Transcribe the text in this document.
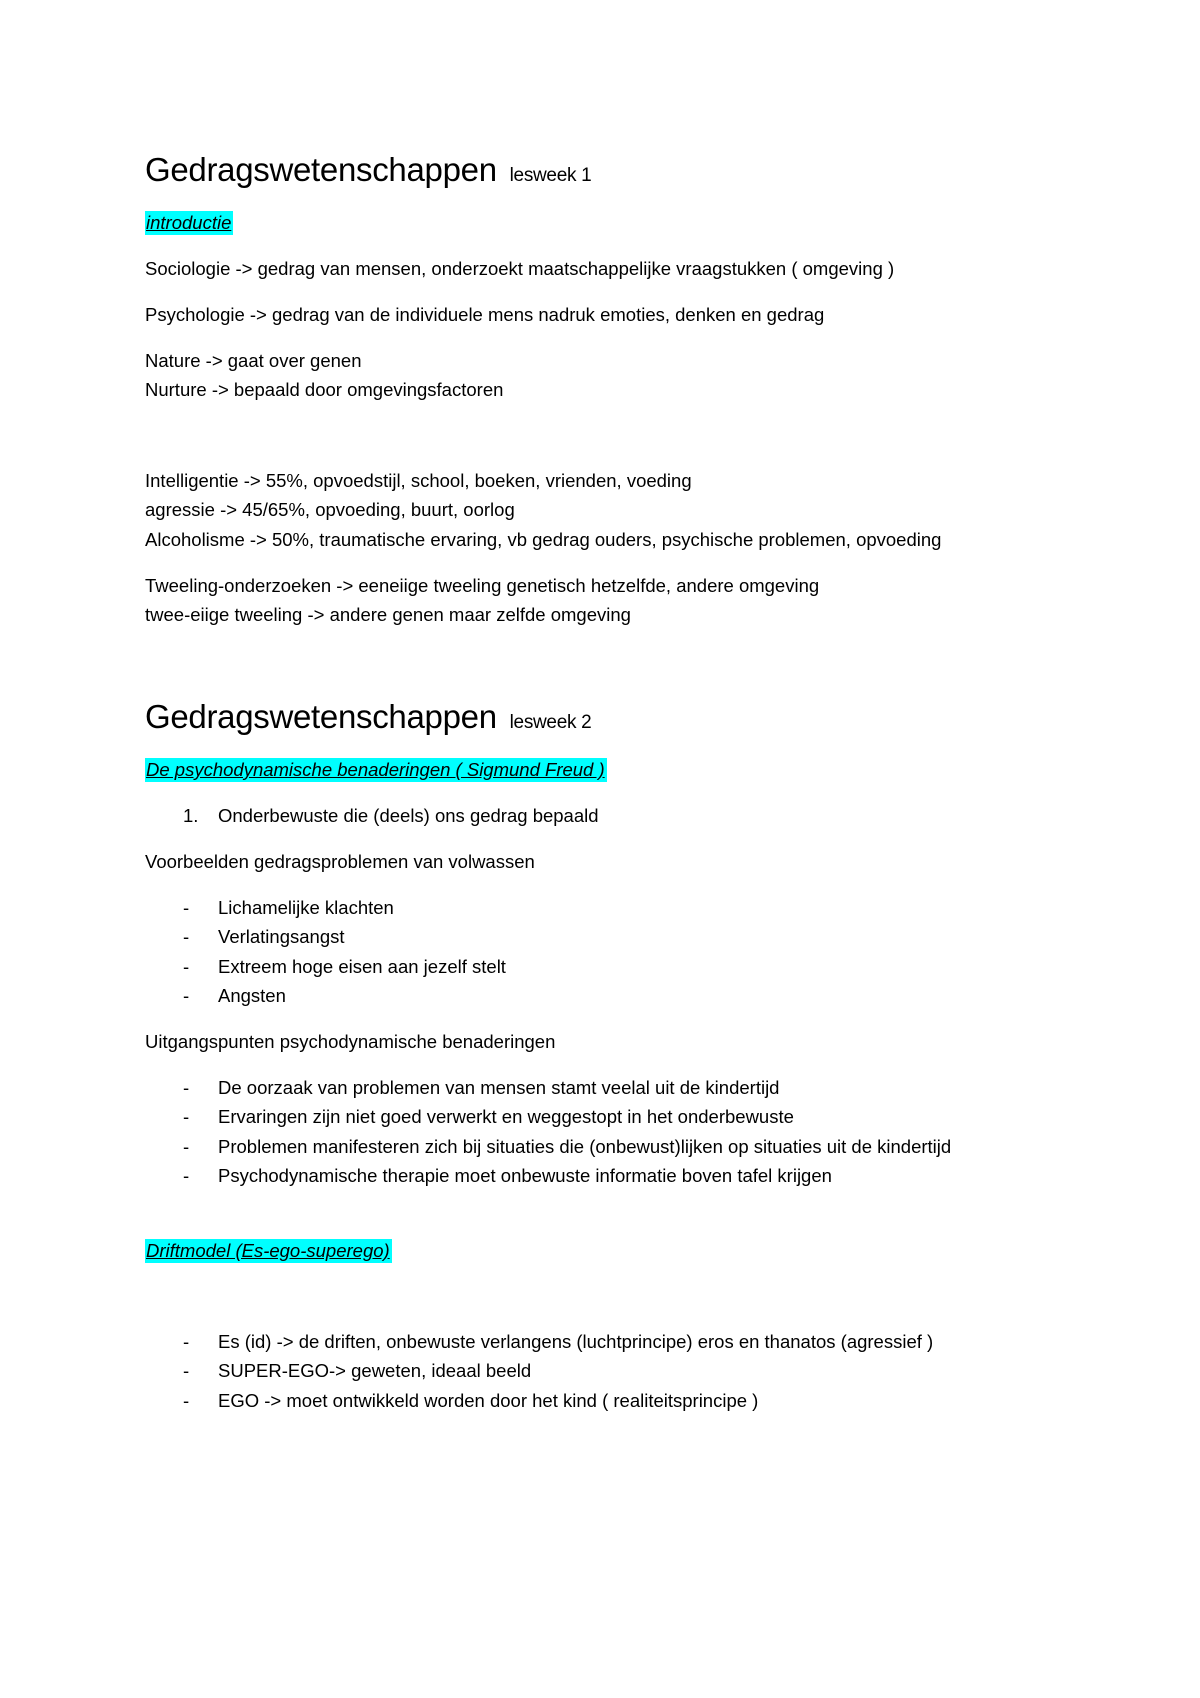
Gedragswetenschappen lesweek 1
introductie
Sociologie -> gedrag van mensen, onderzoekt maatschappelijke vraagstukken ( omgeving )
Psychologie -> gedrag van de individuele mens nadruk emoties, denken en gedrag
Nature -> gaat over genen
Nurture -> bepaald door omgevingsfactoren
Intelligentie -> 55%, opvoedstijl, school, boeken, vrienden, voeding
agressie -> 45/65%, opvoeding, buurt, oorlog
Alcoholisme -> 50%, traumatische ervaring, vb gedrag ouders, psychische problemen, opvoeding
Tweeling-onderzoeken -> eeneiige tweeling genetisch hetzelfde, andere omgeving
twee-eiige tweeling -> andere genen maar zelfde omgeving
Gedragswetenschappen lesweek 2
De psychodynamische benaderingen ( Sigmund Freud )
1. Onderbewuste die (deels) ons gedrag bepaald
Voorbeelden gedragsproblemen van volwassen
-	Lichamelijke klachten
-	Verlatingsangst
-	Extreem hoge eisen aan jezelf stelt
-	Angsten
Uitgangspunten psychodynamische benaderingen
-	De oorzaak van problemen van mensen stamt veelal uit de kindertijd
-	Ervaringen zijn niet goed verwerkt en weggestopt in het onderbewuste
-	Problemen manifesteren zich bij situaties die (onbewust)lijken op situaties uit de kindertijd
-	Psychodynamische therapie moet onbewuste informatie boven tafel krijgen
Driftmodel (Es-ego-superego)
-	Es (id) -> de driften, onbewuste verlangens (luchtprincipe) eros en thanatos (agressief )
-	SUPER-EGO-> geweten, ideaal beeld
-	EGO -> moet ontwikkeld worden door het kind ( realiteitsprincipe )
